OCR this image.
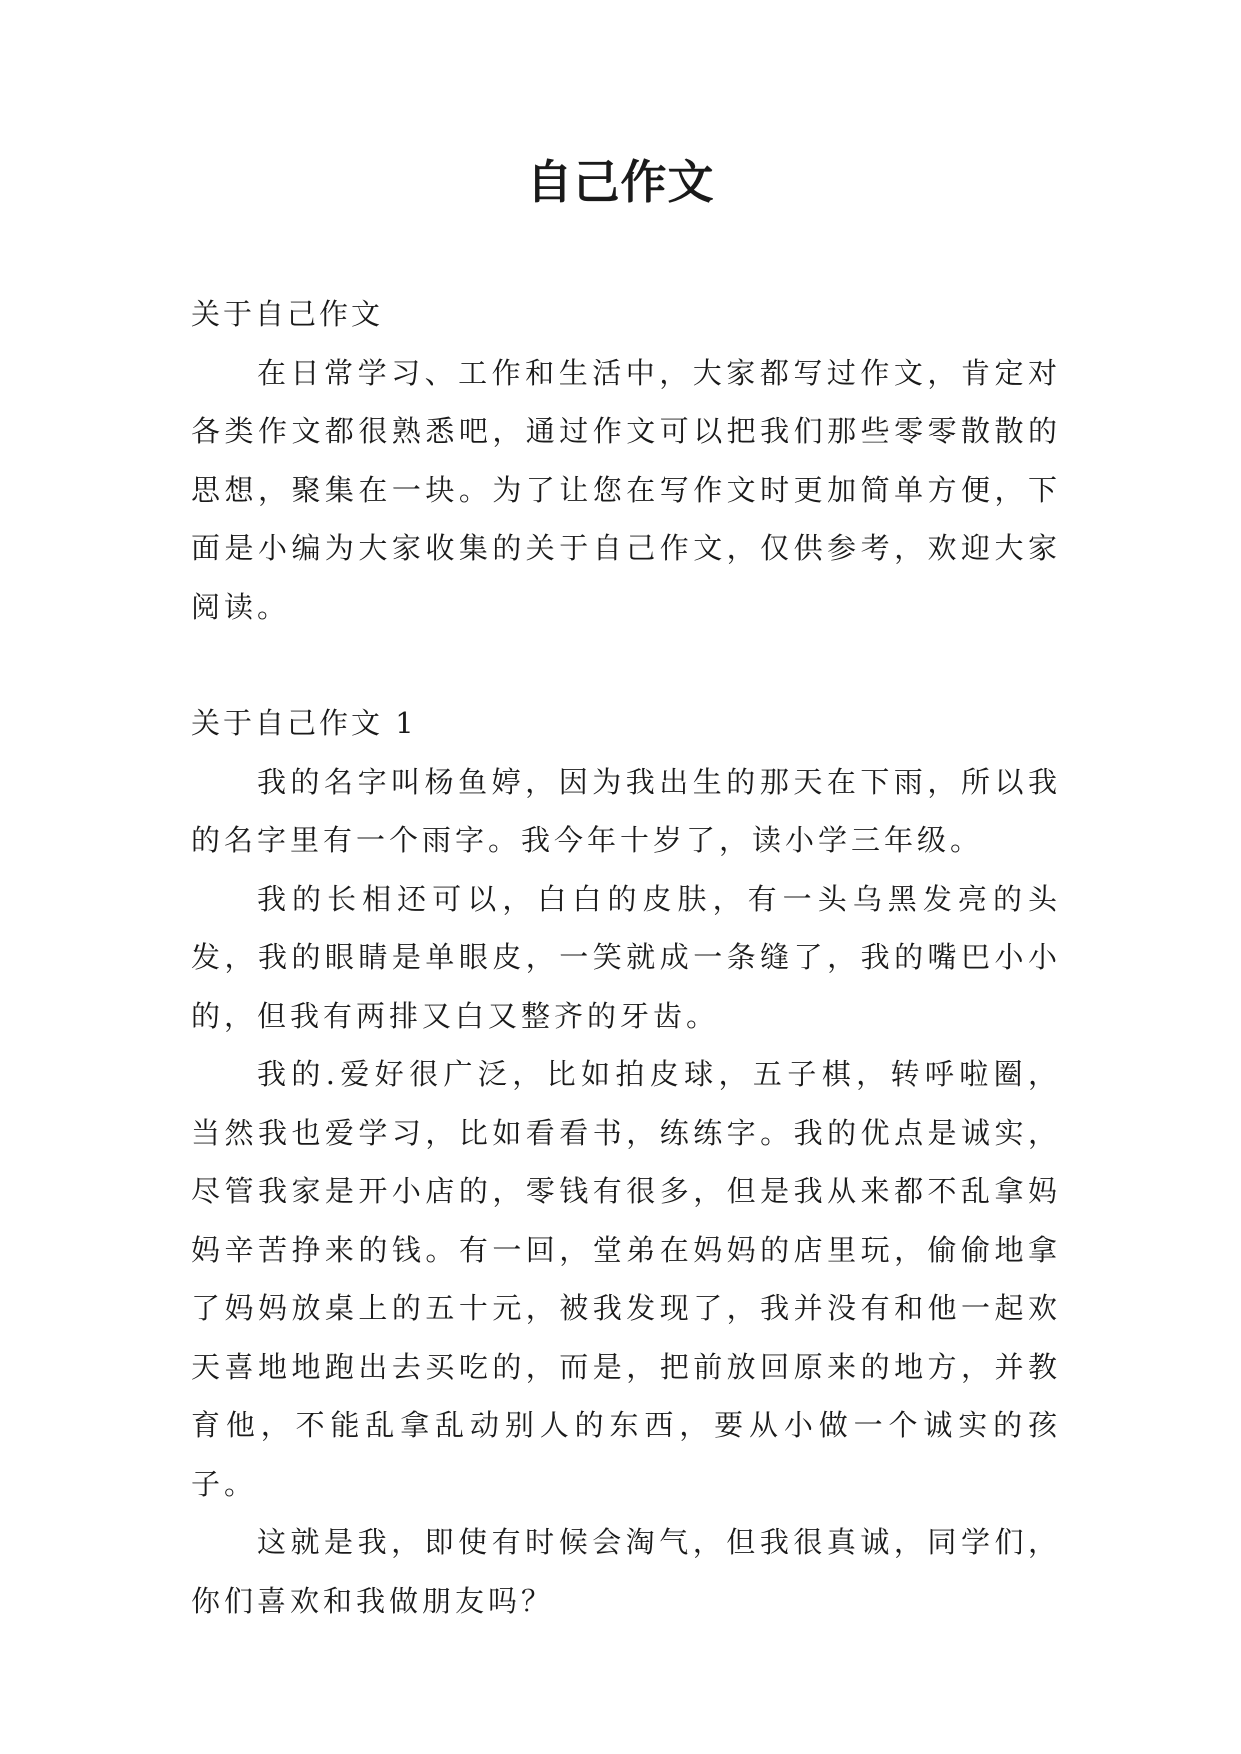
自己作文

关于自己作文

在日常学习、工作和生活中，大家都写过作文，肯定对各类作文都很熟悉吧，通过作文可以把我们那些零零散散的思想，聚集在一块。为了让您在写作文时更加简单方便，下面是小编为大家收集的关于自己作文，仅供参考，欢迎大家阅读。

关于自己作文 1

我的名字叫杨鱼婷，因为我出生的那天在下雨，所以我的名字里有一个雨字。我今年十岁了，读小学三年级。

我的长相还可以，白白的皮肤，有一头乌黑发亮的头发，我的眼睛是单眼皮，一笑就成一条缝了，我的嘴巴小小的，但我有两排又白又整齐的牙齿。

我的.爱好很广泛，比如拍皮球，五子棋，转呼啦圈，当然我也爱学习，比如看看书，练练字。我的优点是诚实，尽管我家是开小店的，零钱有很多，但是我从来都不乱拿妈妈辛苦挣来的钱。有一回，堂弟在妈妈的店里玩，偷偷地拿了妈妈放桌上的五十元，被我发现了，我并没有和他一起欢天喜地地跑出去买吃的，而是，把前放回原来的地方，并教育他，不能乱拿乱动别人的东西，要从小做一个诚实的孩子。

这就是我，即使有时候会淘气，但我很真诚，同学们，你们喜欢和我做朋友吗？
